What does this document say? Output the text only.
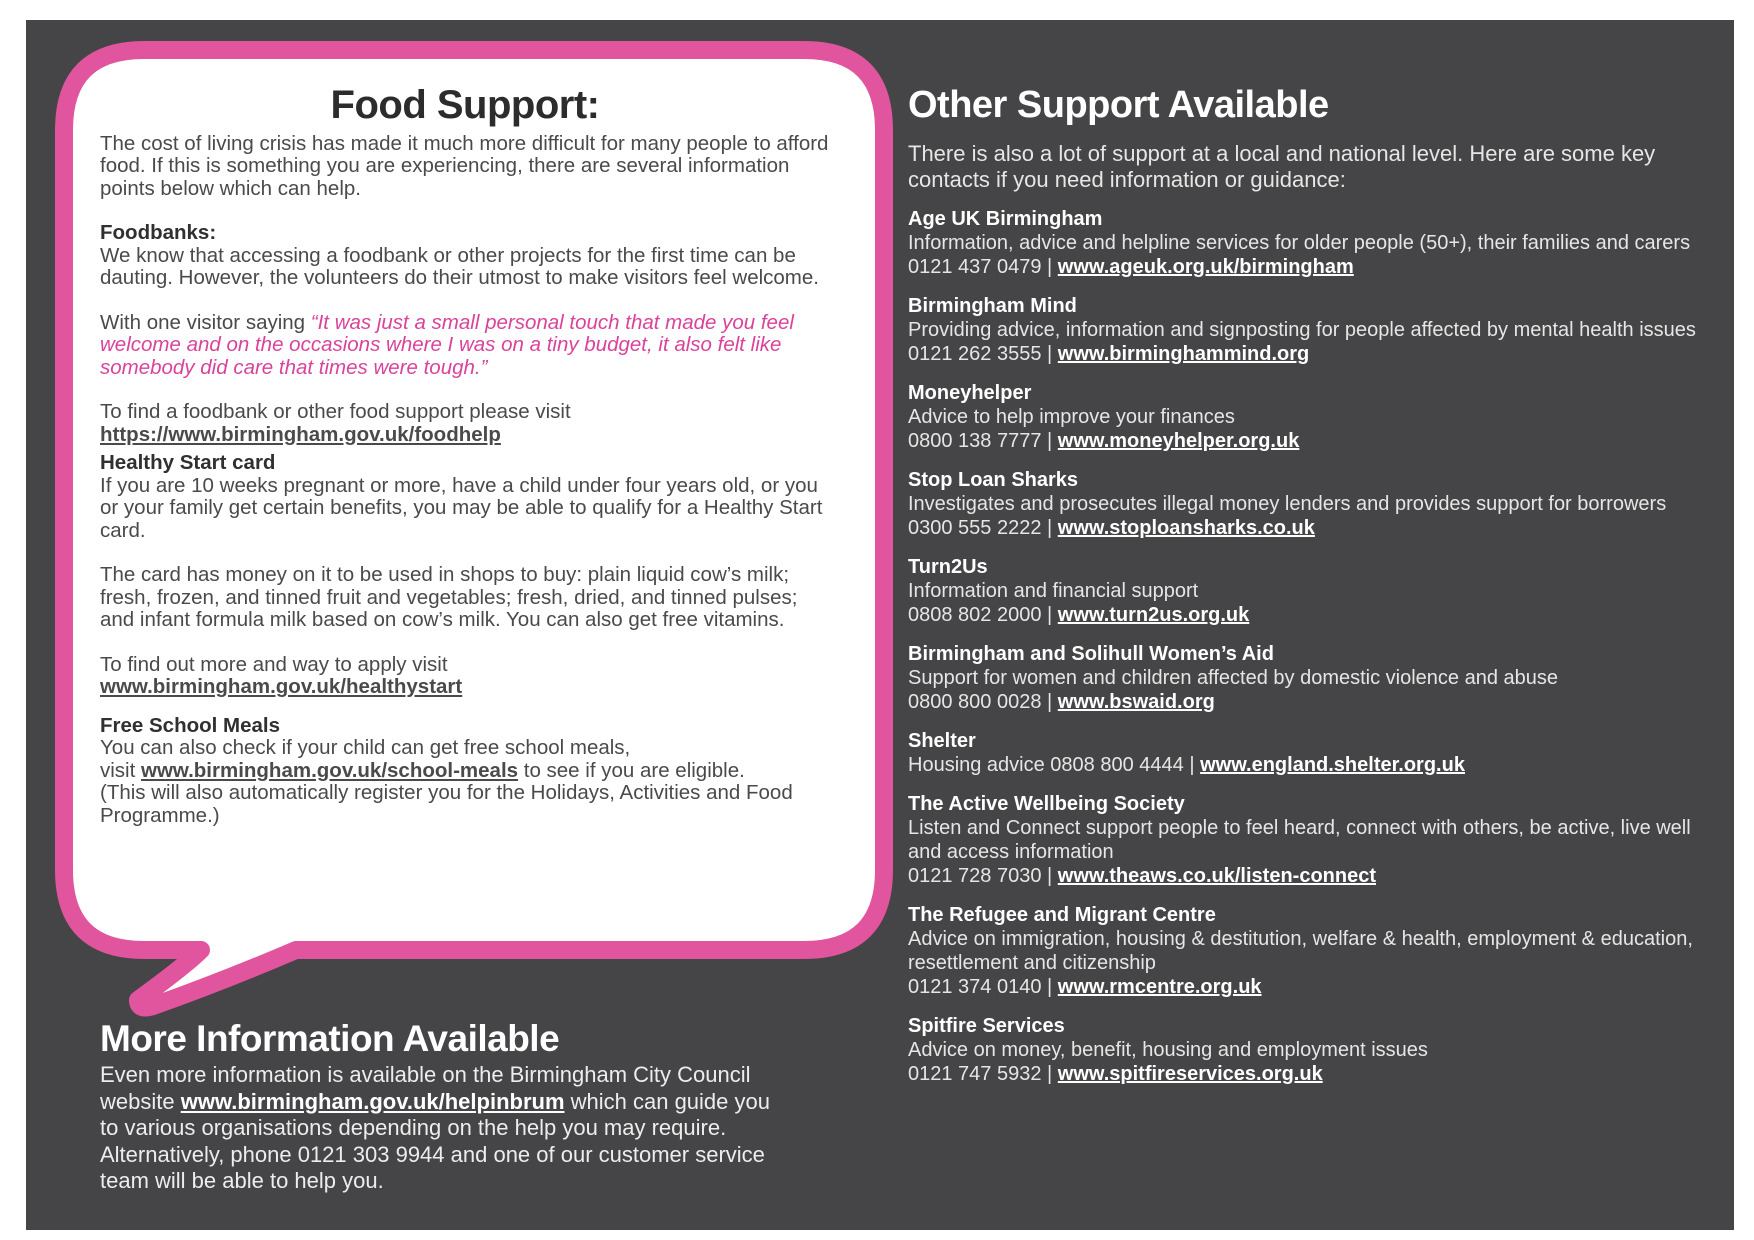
Food Support:

The cost of living crisis has made it much more difficult for many people to afford food. If this is something you are experiencing, there are several information points below which can help.

Foodbanks:
We know that accessing a foodbank or other projects for the first time can be dauting. However, the volunteers do their utmost to make visitors feel welcome.

With one visitor saying “It was just a small personal touch that made you feel welcome and on the occasions where I was on a tiny budget, it also felt like somebody did care that times were tough.”

To find a foodbank or other food support please visit
https://www.birmingham.gov.uk/foodhelp

Healthy Start card
If you are 10 weeks pregnant or more, have a child under four years old, or you or your family get certain benefits, you may be able to qualify for a Healthy Start card.

The card has money on it to be used in shops to buy: plain liquid cow’s milk; fresh, frozen, and tinned fruit and vegetables; fresh, dried, and tinned pulses; and infant formula milk based on cow’s milk. You can also get free vitamins.

To find out more and way to apply visit
www.birmingham.gov.uk/healthystart

Free School Meals
You can also check if your child can get free school meals,
visit www.birmingham.gov.uk/school-meals to see if you are eligible.
(This will also automatically register you for the Holidays, Activities and Food Programme.)

More Information Available
Even more information is available on the Birmingham City Council website www.birmingham.gov.uk/helpinbrum which can guide you to various organisations depending on the help you may require. Alternatively, phone 0121 303 9944 and one of our customer service team will be able to help you.
Other Support Available
There is also a lot of support at a local and national level. Here are some key contacts if you need information or guidance:
Age UK Birmingham
Information, advice and helpline services for older people (50+), their families and carers
0121 437 0479 | www.ageuk.org.uk/birmingham
Birmingham Mind
Providing advice, information and signposting for people affected by mental health issues
0121 262 3555 | www.birminghammind.org
Moneyhelper
Advice to help improve your finances
0800 138 7777 | www.moneyhelper.org.uk
Stop Loan Sharks
Investigates and prosecutes illegal money lenders and provides support for borrowers
0300 555 2222 | www.stoploansharks.co.uk
Turn2Us
Information and financial support
0808 802 2000 | www.turn2us.org.uk
Birmingham and Solihull Women’s Aid
Support for women and children affected by domestic violence and abuse
0800 800 0028 | www.bswaid.org
Shelter
Housing advice 0808 800 4444 | www.england.shelter.org.uk
The Active Wellbeing Society
Listen and Connect support people to feel heard, connect with others, be active, live well and access information
0121 728 7030 | www.theaws.co.uk/listen-connect
The Refugee and Migrant Centre
Advice on immigration, housing & destitution, welfare & health, employment & education, resettlement and citizenship
0121 374 0140 | www.rmcentre.org.uk
Spitfire Services
Advice on money, benefit, housing and employment issues
0121 747 5932 | www.spitfireservices.org.uk
